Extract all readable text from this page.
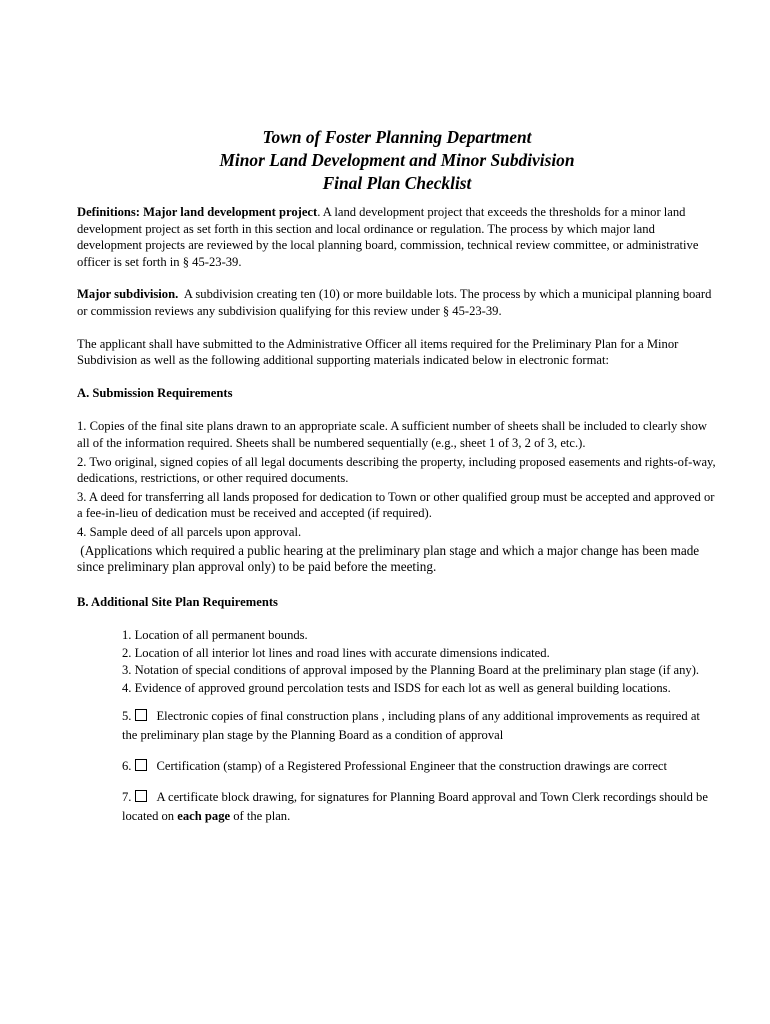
Town of Foster Planning Department
Minor Land Development and Minor Subdivision
Final Plan Checklist

Definitions: Major land development project. A land development project that exceeds the thresholds for a minor land development project as set forth in this section and local ordinance or regulation. The process by which major land development projects are reviewed by the local planning board, commission, technical review committee, or administrative officer is set forth in § 45-23-39.

Major subdivision.  A subdivision creating ten (10) or more buildable lots. The process by which a municipal planning board or commission reviews any subdivision qualifying for this review under § 45-23-39.

The applicant shall have submitted to the Administrative Officer all items required for the Preliminary Plan for a Minor Subdivision as well as the following additional supporting materials indicated below in electronic format:

A. Submission Requirements

1. Copies of the final site plans drawn to an appropriate scale. A sufficient number of sheets shall be included to clearly show all of the information required. Sheets shall be numbered sequentially (e.g., sheet 1 of 3, 2 of 3, etc.).

2. Two original, signed copies of all legal documents describing the property, including proposed easements and rights-of-way, dedications, restrictions, or other required documents.

3. A deed for transferring all lands proposed for dedication to Town or other qualified group must be accepted and approved or a fee-in-lieu of dedication must be received and accepted (if required).

4. Sample deed of all parcels upon approval.

(Applications which required a public hearing at the preliminary plan stage and which a major change has been made since preliminary plan approval only) to be paid before the meeting.

B. Additional Site Plan Requirements

1. Location of all permanent bounds.

2. Location of all interior lot lines and road lines with accurate dimensions indicated.

3. Notation of special conditions of approval imposed by the Planning Board at the preliminary plan stage (if any).

4. Evidence of approved ground percolation tests and ISDS for each lot as well as general building locations.

5. Electronic copies of final construction plans , including plans of any additional improvements as required at the preliminary plan stage by the Planning Board as a condition of approval

6. Certification (stamp) of a Registered Professional Engineer that the construction drawings are correct

7. A certificate block drawing, for signatures for Planning Board approval and Town Clerk recordings should be located on each page of the plan.
